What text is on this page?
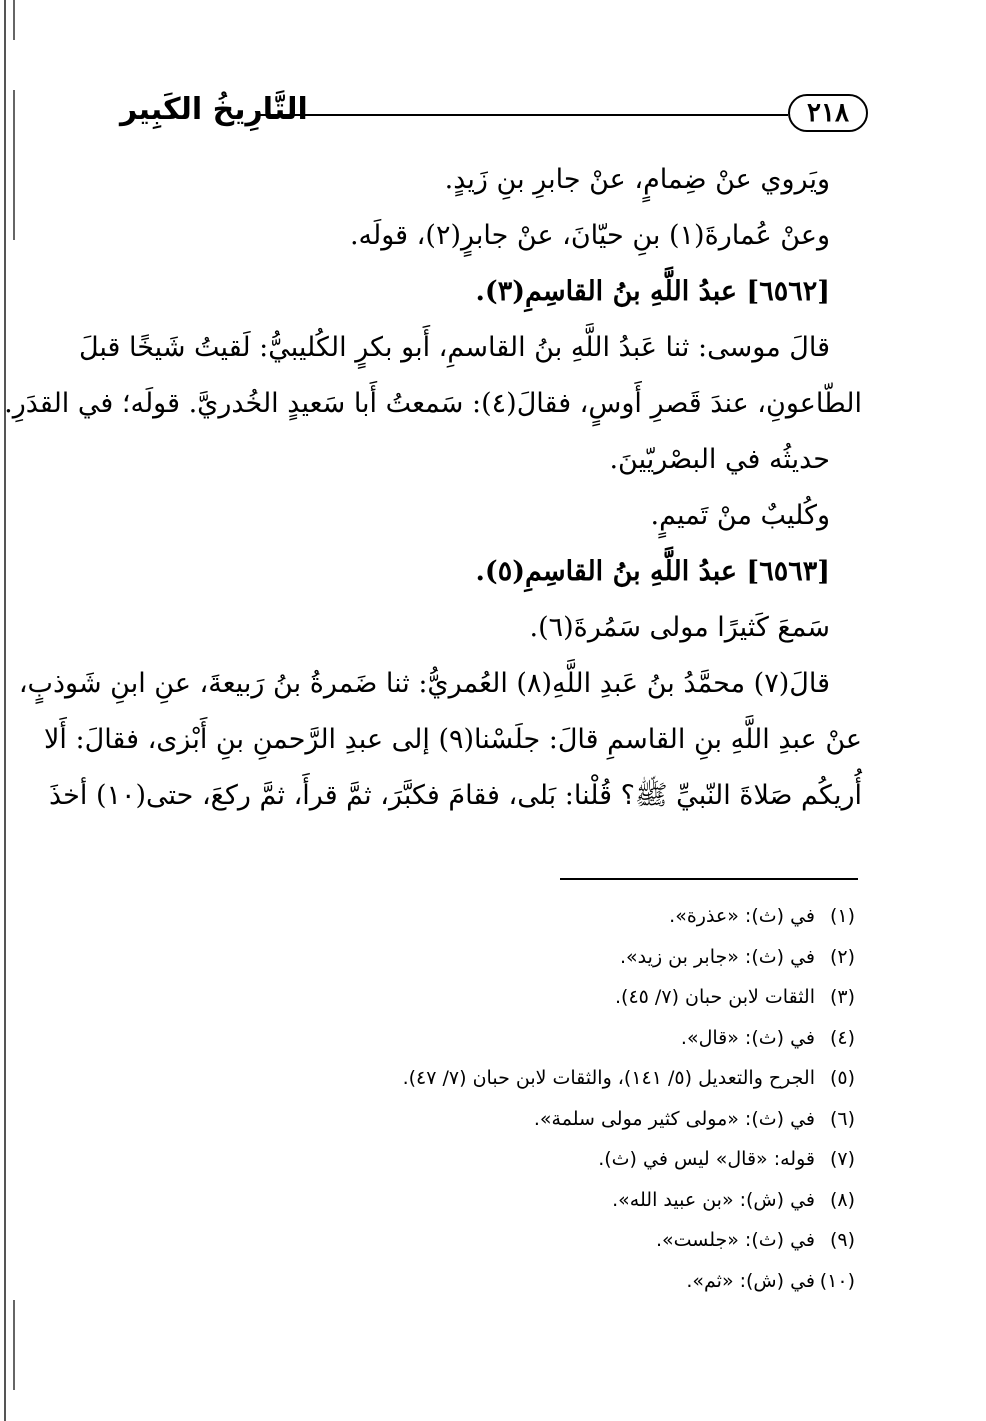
٢١٨
التَّارِيخُ الكَبِير
ويَروي عنْ ضِمامٍ، عنْ جابرِ بنِ زَيدٍ.
وعنْ عُمارةَ(١) بنِ حيّانَ، عنْ جابرٍ(٢)، قولَه.
[٦٥٦٢] عبدُ اللَّهِ بنُ القاسِمِ(٣).
قالَ موسى: ثنا عَبدُ اللَّهِ بنُ القاسمِ، أَبو بكرٍ الكُليبيُّ: لَقيتُ شَيخًا قبلَ
الطّاعونِ، عندَ قَصرِ أَوسٍ، فقالَ(٤): سَمعتُ أَبا سَعيدٍ الخُدريَّ. قولَه؛ في القدَرِ.
حديثُه في البصْريّينَ.
وكُليبٌ منْ تَميمٍ.
[٦٥٦٣] عبدُ اللَّهِ بنُ القاسِمِ(٥).
سَمعَ كَثيرًا مولى سَمُرةَ(٦).
قالَ(٧) محمَّدُ بنُ عَبدِ اللَّهِ(٨) العُمريُّ: ثنا ضَمرةُ بنُ رَبيعةَ، عنِ ابنِ شَوذبٍ،
عنْ عبدِ اللَّهِ بنِ القاسمِ قالَ: جلَسْنا(٩) إلى عبدِ الرَّحمنِ بنِ أَبْزى، فقالَ: أَلا
أُريكُم صَلاةَ النّبيِّ ﷺ؟ قُلْنا: بَلى، فقامَ فكبَّرَ، ثمَّ قرأَ، ثمَّ ركعَ، حتى(١٠) أخذَ
(١)في (ث): «عذرة».
(٢)في (ث): «جابر بن زيد».
(٣)الثقات لابن حبان (٧/ ٤٥).
(٤)في (ث): «قال».
(٥)الجرح والتعديل (٥/ ١٤١)، والثقات لابن حبان (٧/ ٤٧).
(٦)في (ث): «مولى كثير مولى سلمة».
(٧)قوله: «قال» ليس في (ث).
(٨)في (ش): «بن عبيد الله».
(٩)في (ث): «جلست».
(١٠)في (ش): «ثم».
